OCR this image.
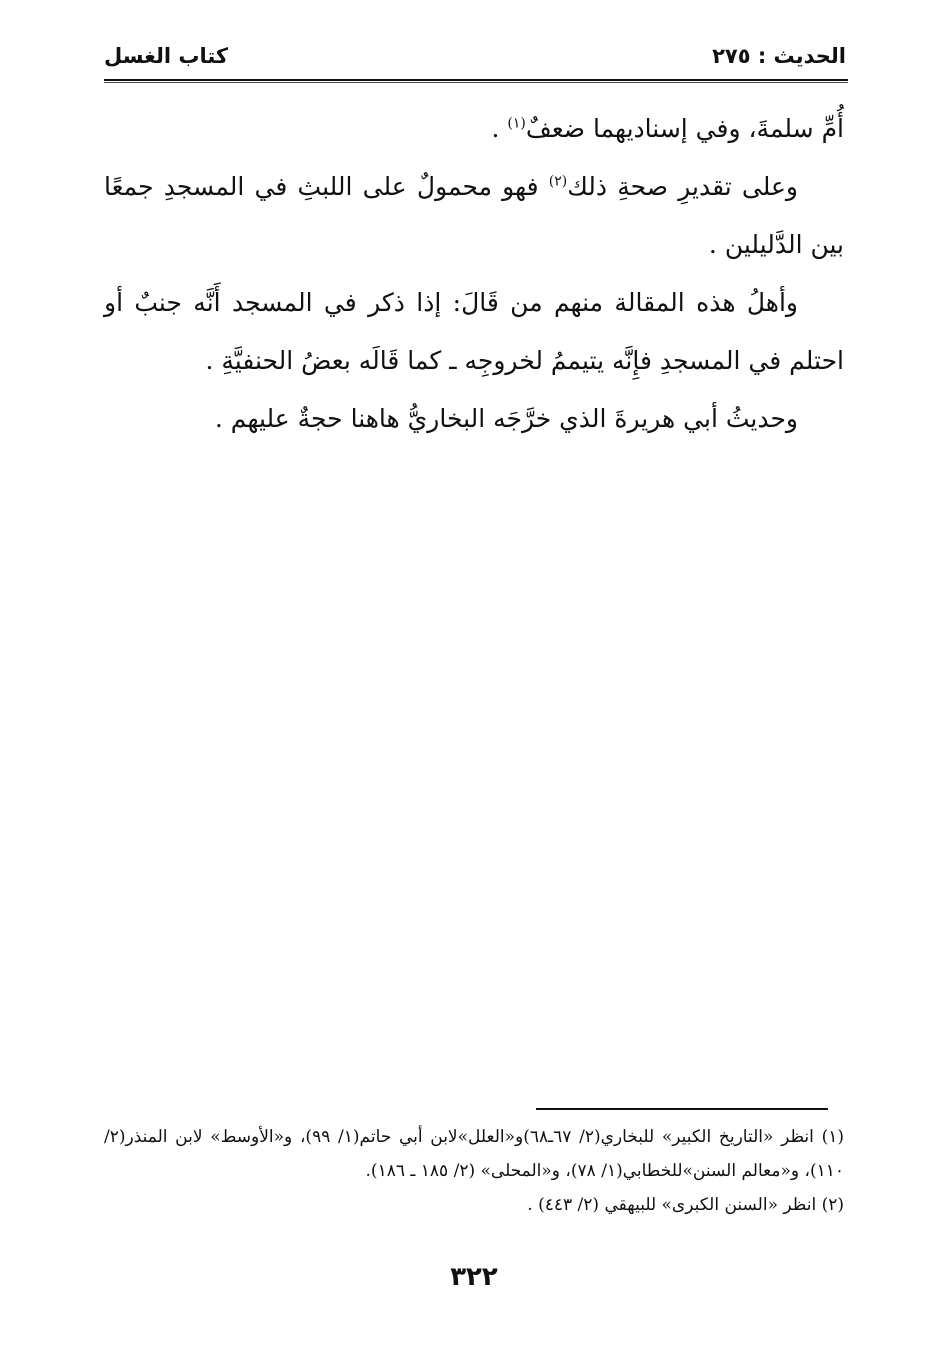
الحديث : ٢٧٥
كتاب الغسل

أُمِّ سلمةَ، وفي إسناديهما ضعفٌ$^{(١)}$ .

وعلى تقديرِ صحةِ ذلك$^{(٢)}$ فهو محمولٌ على اللبثِ في المسجدِ جمعًا بين الدَّليلين .

وأهلُ هذه المقالة منهم من قَالَ: إذا ذكر في المسجد أَنَّه جنبٌ أو احتلم في المسجدِ فإِنَّه يتيممُ لخروجِه ـ كما قَالَه بعضُ الحنفيَّةِ .

وحديثُ أبي هريرةَ الذي خرَّجَه البخاريُّ هاهنا حجةٌ عليهم .

(١) انظر «التاريخ الكبير» للبخاري(٢/ ٦٧ـ٦٨)و«العلل»لابن أبي حاتم(١/ ٩٩)، و«الأوسط» لابن المنذر(٢/ ١١٠)، و«معالم السنن»للخطابي(١/ ٧٨)، و«المحلى» (٢/ ١٨٥ ـ ١٨٦).

(٢) انظر «السنن الكبرى» للبيهقي (٢/ ٤٤٣) .

٣٢٢
